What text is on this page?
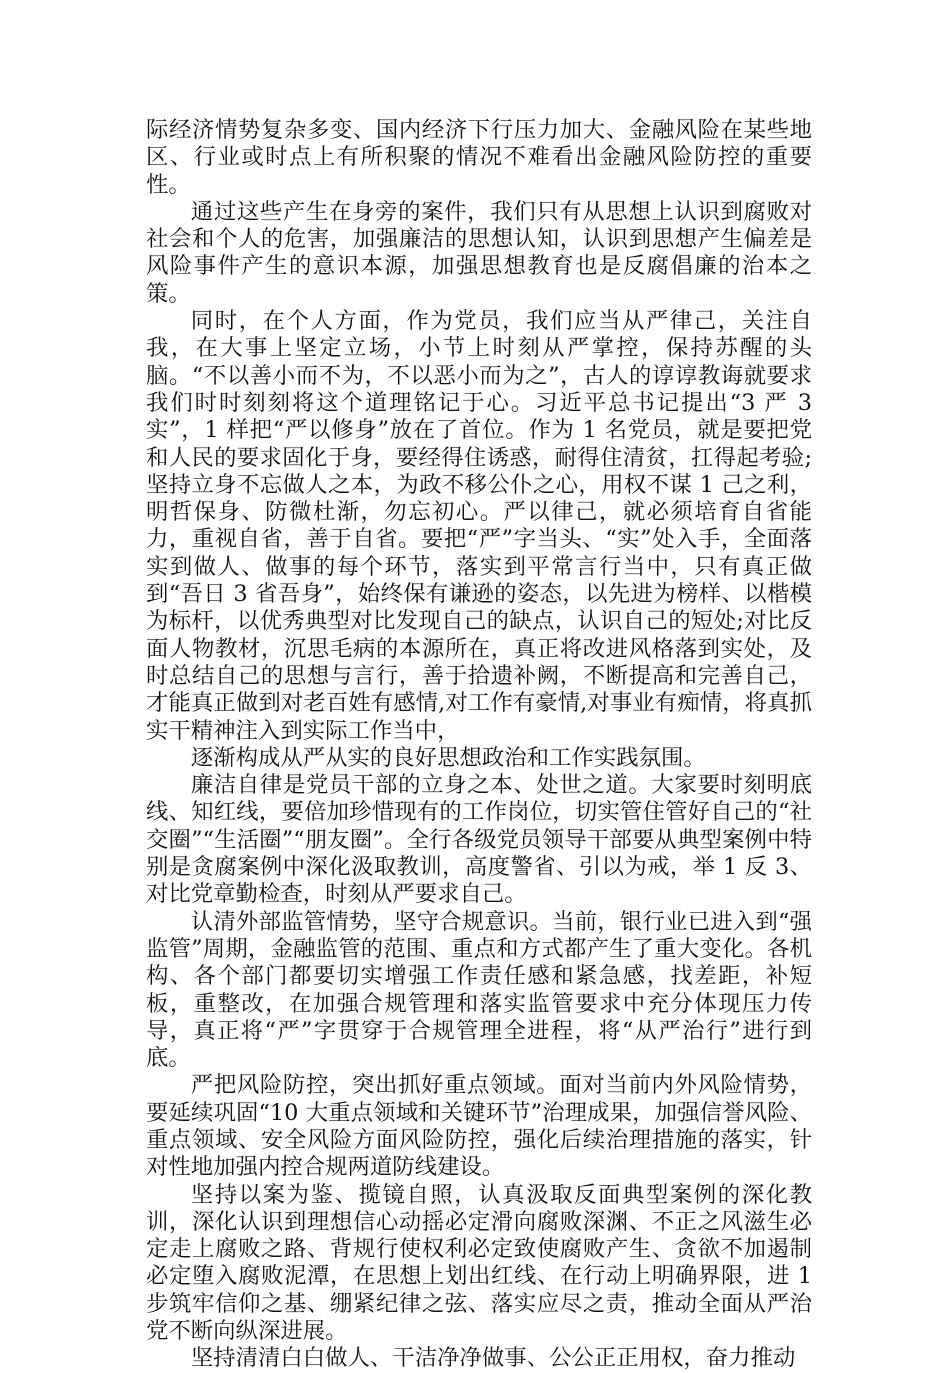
际经济情势复杂多变、国内经济下行压力加大、金融风险在某些地区、行业或时点上有所积聚的情况不难看出金融风险防控的重要性。

通过这些产生在身旁的案件，我们只有从思想上认识到腐败对社会和个人的危害，加强廉洁的思想认知，认识到思想产生偏差是风险事件产生的意识本源，加强思想教育也是反腐倡廉的治本之策。

同时，在个人方面，作为党员，我们应当从严律己，关注自我，在大事上坚定立场，小节上时刻从严掌控，保持苏醒的头脑。“不以善小而不为，不以恶小而为之”，古人的谆谆教诲就要求我们时时刻刻将这个道理铭记于心。习近平总书记提出“3 严 3 实”，1 样把“严以修身”放在了首位。作为 1 名党员，就是要把党和人民的要求固化于身，要经得住诱惑，耐得住清贫，扛得起考验;坚持立身不忘做人之本，为政不移公仆之心，用权不谋 1 己之利，明哲保身、防微杜渐，勿忘初心。严以律己，就必须培育自省能力，重视自省，善于自省。要把“严”字当头、“实”处入手，全面落实到做人、做事的每个环节，落实到平常言行当中，只有真正做到“吾日 3 省吾身”，始终保有谦逊的姿态，以先进为榜样、以楷模为标杆，以优秀典型对比发现自己的缺点，认识自己的短处;对比反面人物教材，沉思毛病的本源所在，真正将改进风格落到实处，及时总结自己的思想与言行，善于拾遗补阙，不断提高和完善自己，才能真正做到对老百姓有感情,对工作有豪情,对事业有痴情，将真抓实干精神注入到实际工作当中，

逐渐构成从严从实的良好思想政治和工作实践氛围。

廉洁自律是党员干部的立身之本、处世之道。大家要时刻明底线、知红线，要倍加珍惜现有的工作岗位，切实管住管好自己的“社交圈”“生活圈”“朋友圈”。全行各级党员领导干部要从典型案例中特别是贪腐案例中深化汲取教训，高度警省、引以为戒，举 1 反 3、对比党章勤检查，时刻从严要求自己。

认清外部监管情势，坚守合规意识。当前，银行业已进入到“强监管”周期，金融监管的范围、重点和方式都产生了重大变化。各机构、各个部门都要切实增强工作责任感和紧急感，找差距，补短板，重整改，在加强合规管理和落实监管要求中充分体现压力传导，真正将“严”字贯穿于合规管理全进程，将“从严治行”进行到底。

严把风险防控，突出抓好重点领域。面对当前内外风险情势，要延续巩固“10 大重点领域和关键环节”治理成果，加强信誉风险、重点领域、安全风险方面风险防控，强化后续治理措施的落实，针对性地加强内控合规两道防线建设。

坚持以案为鉴、揽镜自照，认真汲取反面典型案例的深化教训，深化认识到理想信心动摇必定滑向腐败深渊、不正之风滋生必定走上腐败之路、背规行使权利必定致使腐败产生、贪欲不加遏制必定堕入腐败泥潭，在思想上划出红线、在行动上明确界限，进 1 步筑牢信仰之基、绷紧纪律之弦、落实应尽之责，推动全面从严治党不断向纵深进展。

坚持清清白白做人、干洁净净做事、公公正正用权，奋力推动
